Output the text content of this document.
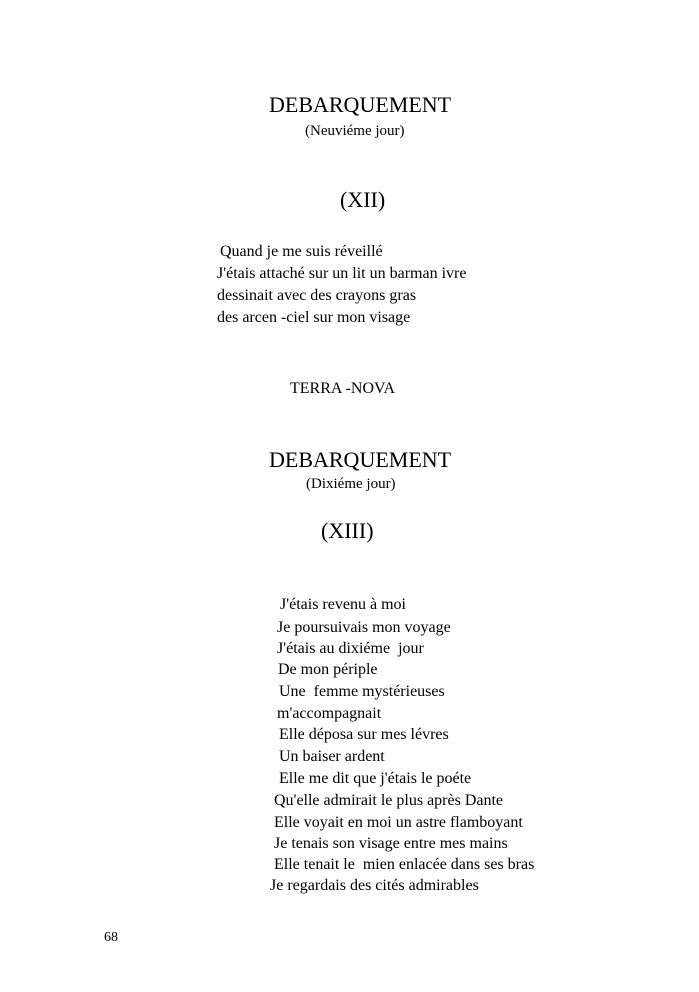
DEBARQUEMENT
(Neuviéme jour)
(XII)
Quand je me suis réveillé
J'étais attaché sur un lit un barman ivre
dessinait avec des crayons gras
des arcen -ciel sur mon visage
TERRA -NOVA
DEBARQUEMENT
(Dixiéme jour)
(XIII)
J'étais revenu à moi
Je poursuivais mon voyage
J'étais au dixiéme  jour
De mon périple
Une  femme mystérieuses
m'accompagnait
Elle déposa sur mes lévres
Un baiser ardent
Elle me dit que j'étais le poéte
Qu'elle admirait le plus après Dante
Elle voyait en moi un astre flamboyant
Je tenais son visage entre mes mains
Elle tenait le  mien enlacée dans ses bras
Je regardais des cités admirables
68
